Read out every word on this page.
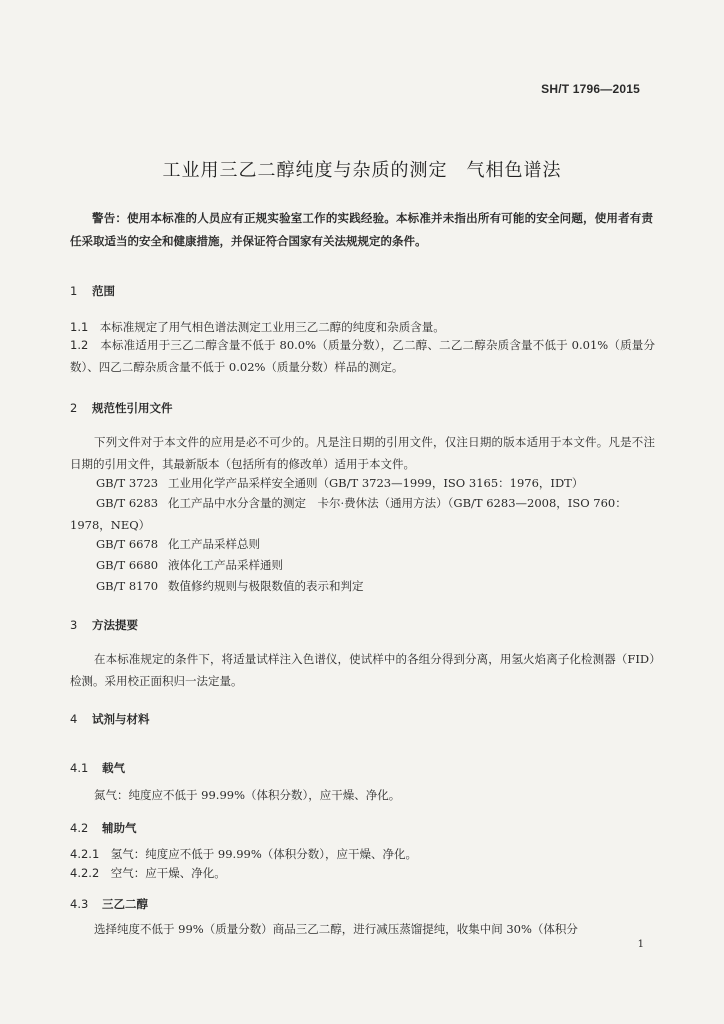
SH/T 1796—2015
工业用三乙二醇纯度与杂质的测定　气相色谱法
警告：使用本标准的人员应有正规实验室工作的实践经验。本标准并未指出所有可能的安全问题，使用者有责任采取适当的安全和健康措施，并保证符合国家有关法规规定的条件。
1 范围
1.1　 本标准规定了用气相色谱法测定工业用三乙二醇的纯度和杂质含量。
1.2　 本标准适用于三乙二醇含量不低于 80.0%（质量分数），乙二醇、二乙二醇杂质含量不低于 0.01%（质量分数）、四乙二醇杂质含量不低于 0.02%（质量分数）样品的测定。
2 规范性引用文件
下列文件对于本文件的应用是必不可少的。凡是注日期的引用文件，仅注日期的版本适用于本文件。凡是不注日期的引用文件，其最新版本（包括所有的修改单）适用于本文件。
GB/T 3723 工业用化学产品采样安全通则（GB/T 3723—1999，ISO 3165：1976，IDT）
GB/T 6283 化工产品中水分含量的测定　卡尔·费休法（通用方法）（GB/T 6283—2008，ISO 760：1978，NEQ）
GB/T 6678 化工产品采样总则
GB/T 6680 液体化工产品采样通则
GB/T 8170 数值修约规则与极限数值的表示和判定
3 方法提要
在本标准规定的条件下，将适量试样注入色谱仪，使试样中的各组分得到分离，用氢火焰离子化检测器（FID）检测。采用校正面积归一法定量。
4 试剂与材料
4.1 载气
氮气：纯度应不低于 99.99%（体积分数），应干燥、净化。
4.2 辅助气
4.2.1　 氢气：纯度应不低于 99.99%（体积分数），应干燥、净化。
4.2.2　 空气：应干燥、净化。
4.3 三乙二醇
选择纯度不低于 99%（质量分数）商品三乙二醇，进行减压蒸馏提纯，收集中间 30%（体积分
1
